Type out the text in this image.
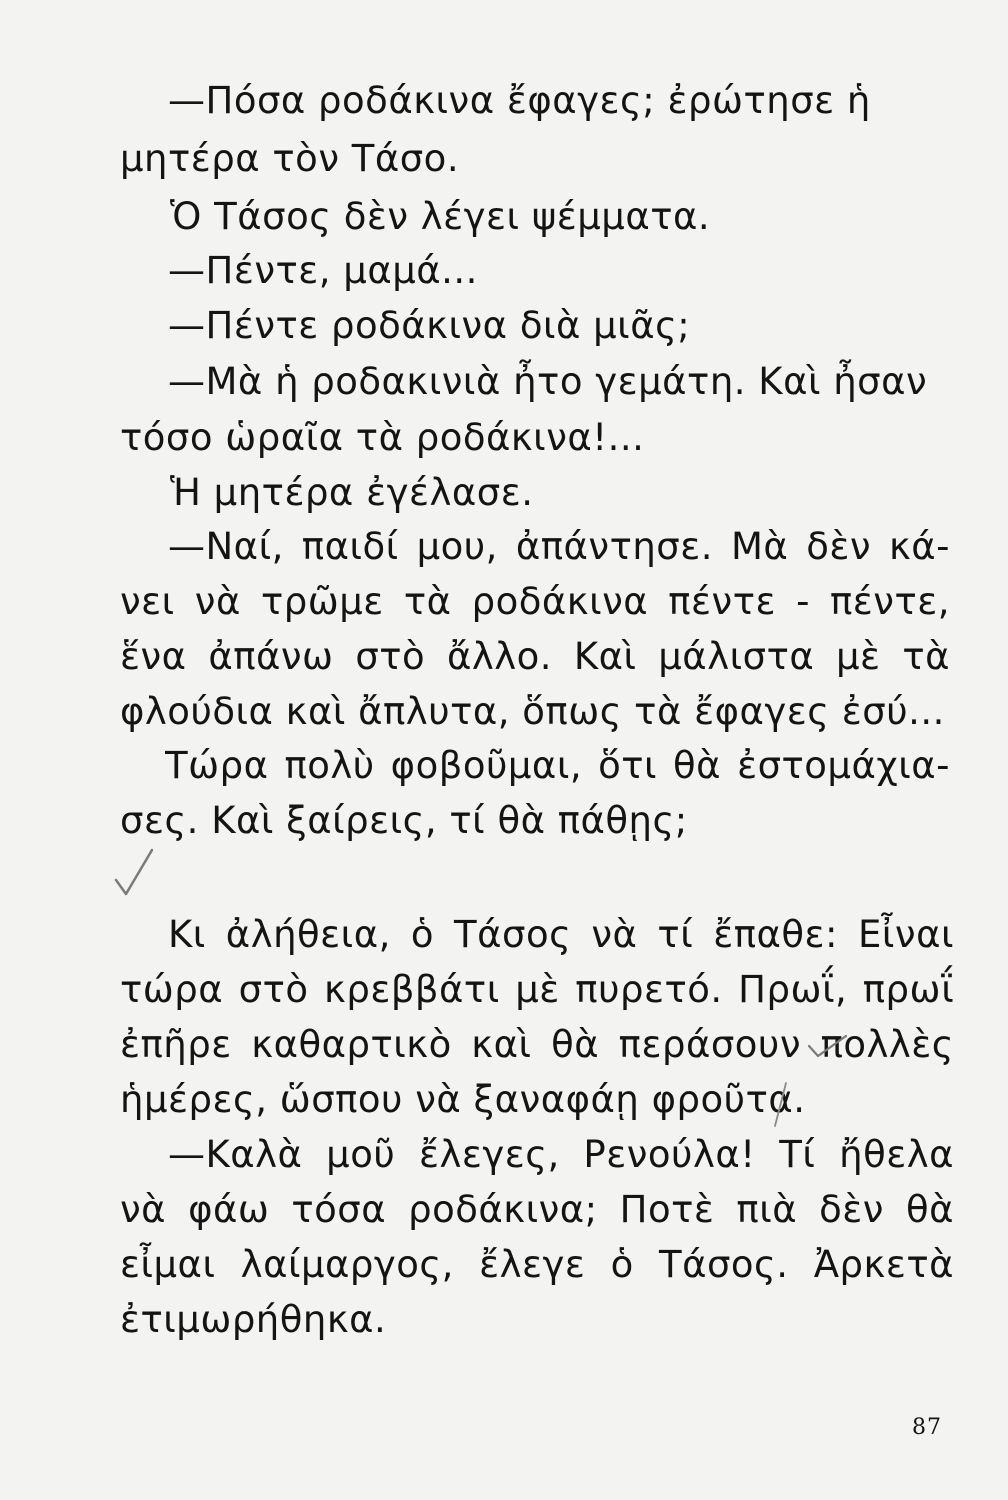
—Πόσα ροδάκινα ἔφαγες; ἐρώτησε ἡ
μητέρα τὸν Τάσο.
Ὁ Τάσος δὲν λέγει ψέμματα.
—Πέντε, μαμά...
—Πέντε ροδάκινα διὰ μιᾶς;
—Μὰ ἡ ροδακινιὰ ἦτο γεμάτη. Καὶ ἦσαν
τόσο ὡραῖα τὰ ροδάκινα!...
Ἡ μητέρα ἐγέλασε.
—Ναί, παιδί μου, ἀπάντησε. Μὰ δὲν κά-
νει νὰ τρῶμε τὰ ροδάκινα πέντε - πέντε,
ἕνα ἀπάνω στὸ ἄλλο. Καὶ μάλιστα μὲ τὰ
φλούδια καὶ ἄπλυτα, ὅπως τὰ ἔφαγες ἐσύ...
Τώρα πολὺ φοβοῦμαι, ὅτι θὰ ἐστομάχια-
σες. Καὶ ξαίρεις, τί θὰ πάθῃς;
Κι ἀλήθεια, ὁ Τάσος νὰ τί ἔπαθε: Εἶναι
τώρα στὸ κρεββάτι μὲ πυρετό. Πρωΐ, πρωΐ
ἐπῆρε καθαρτικὸ καὶ θὰ περάσουν πολλὲς
ἡμέρες, ὥσπου νὰ ξαναφάῃ φροῦτα.
—Καλὰ μοῦ ἔλεγες, Ρενούλα! Τί ἤθελα
νὰ φάω τόσα ροδάκινα; Ποτὲ πιὰ δὲν θὰ
εἶμαι λαίμαργος, ἔλεγε ὁ Τάσος. Ἀρκετὰ
ἐτιμωρήθηκα.
87
